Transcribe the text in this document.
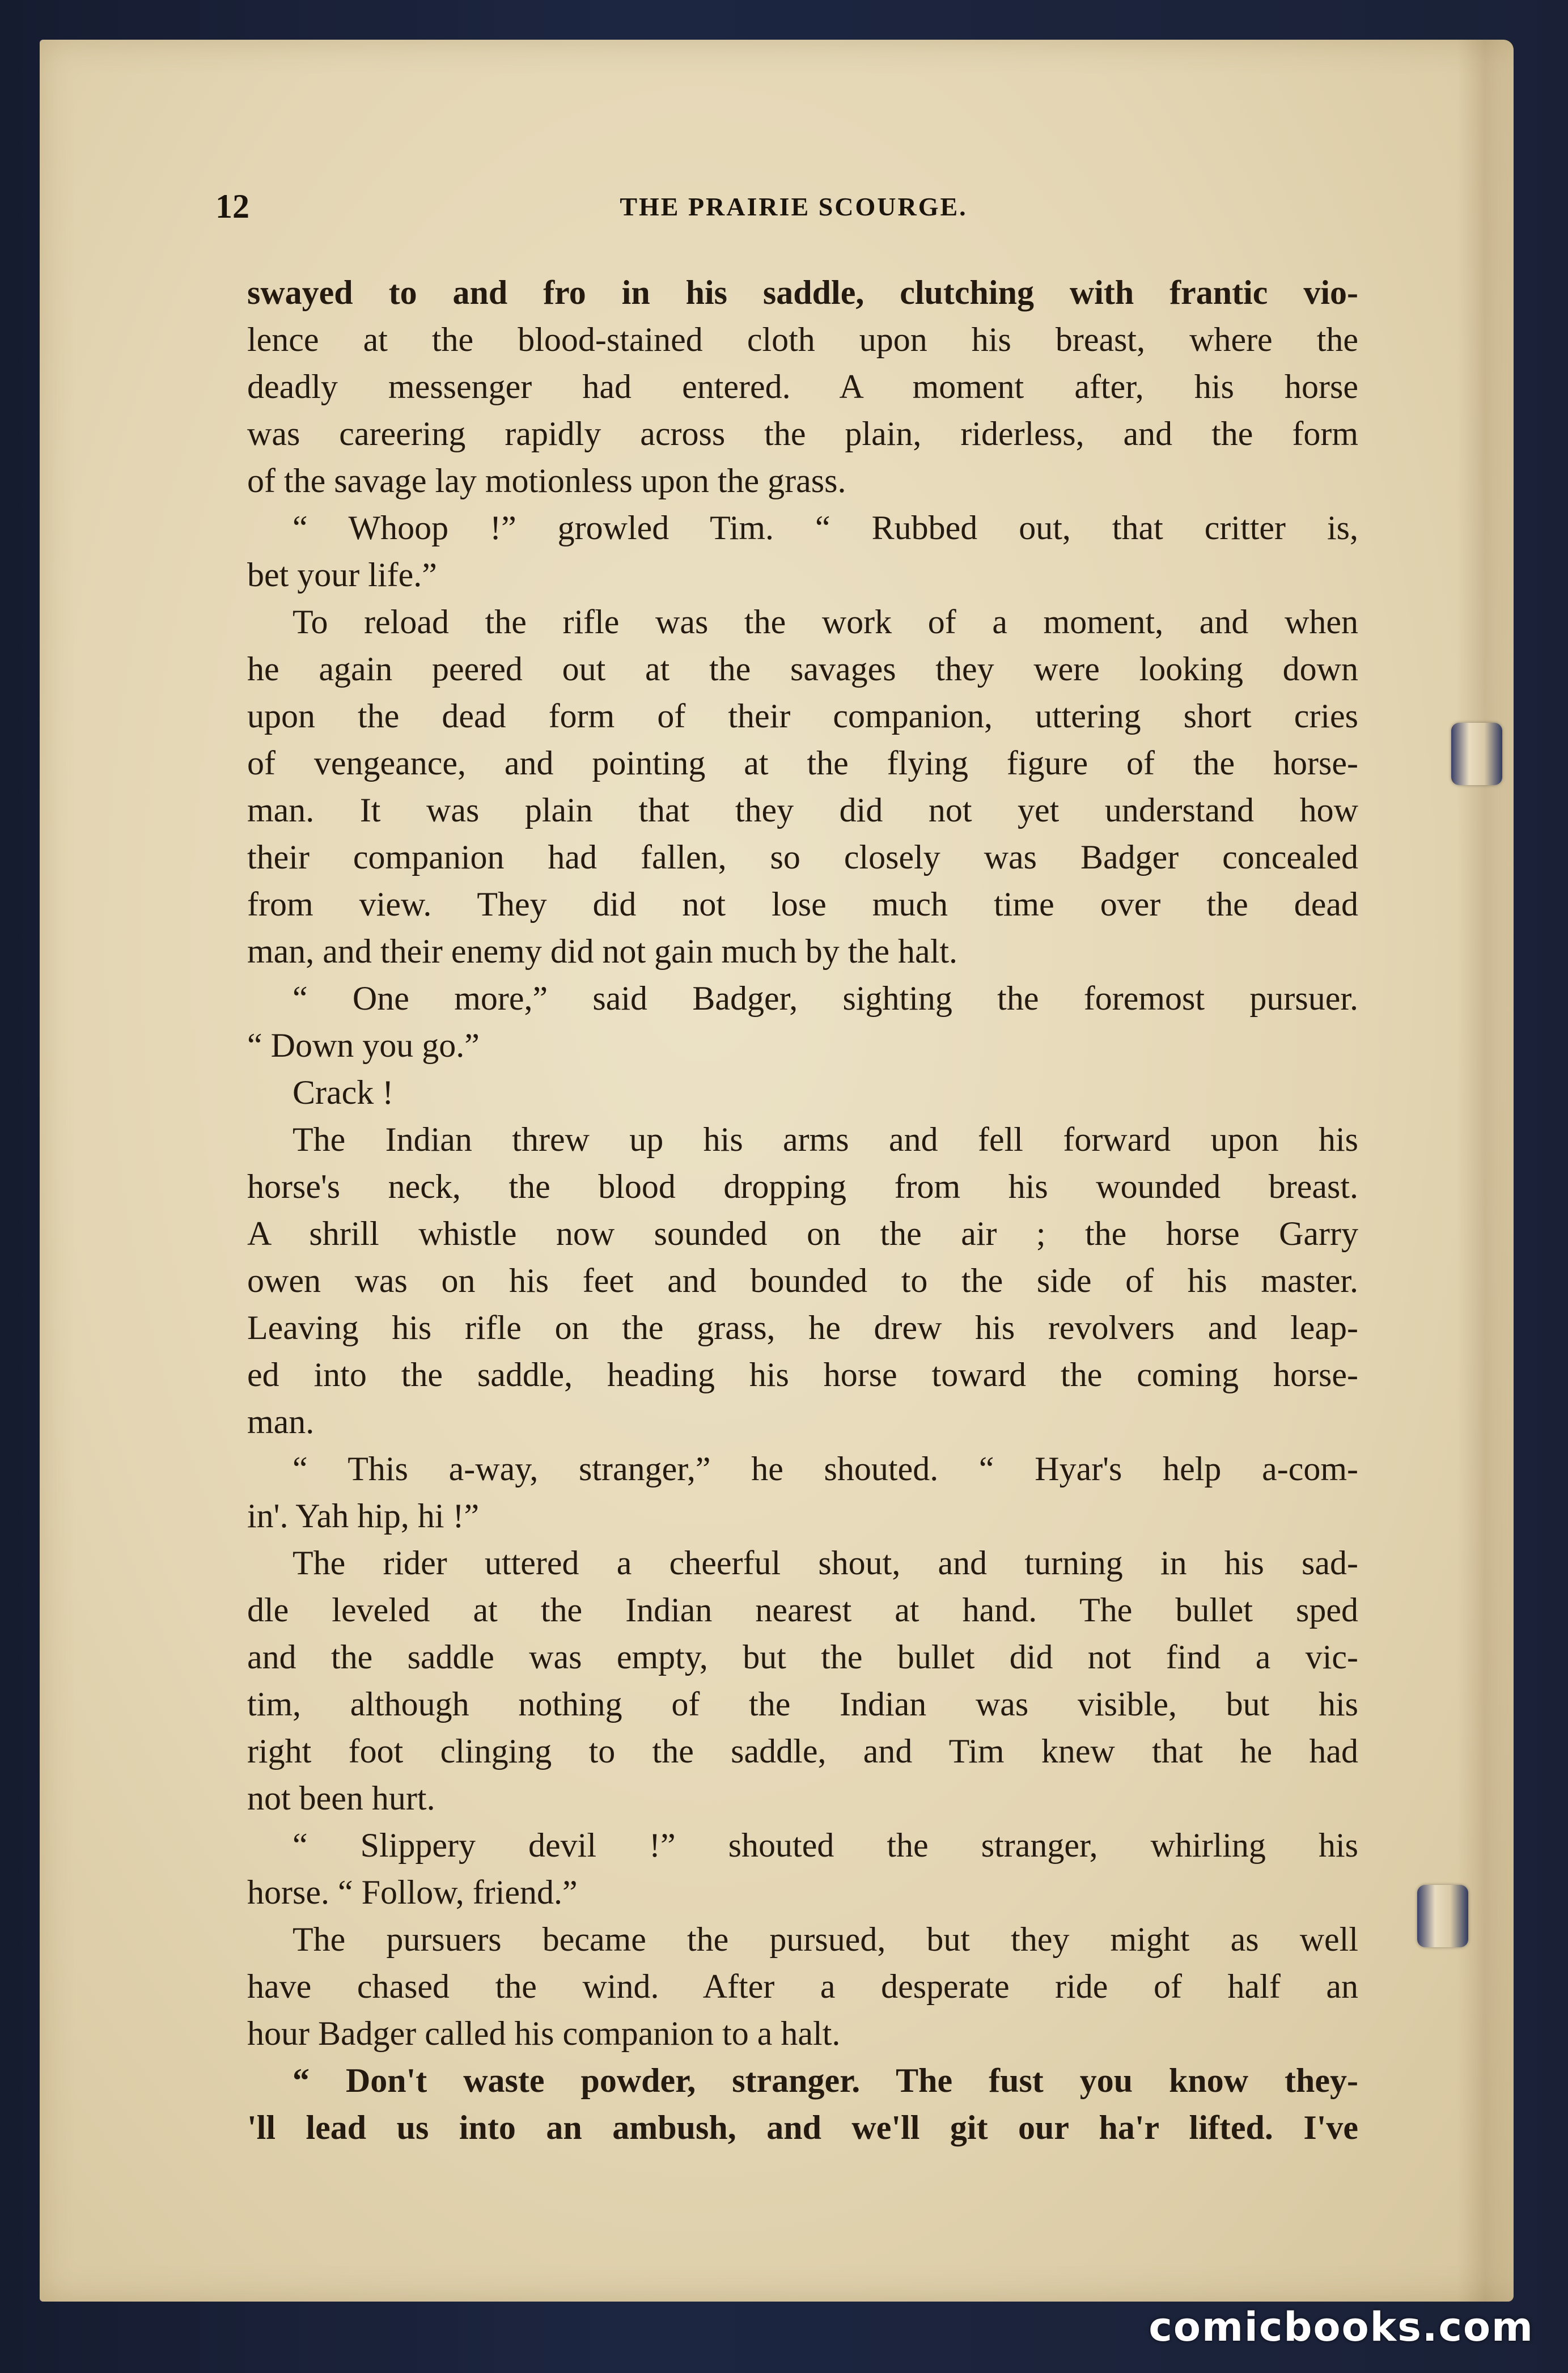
12	THE PRAIRIE SCOURGE.
swayed to and fro in his saddle, clutching with frantic vio-
lence at the blood-stained cloth upon his breast, where the
deadly messenger had entered. A moment after, his horse
was careering rapidly across the plain, riderless, and the form
of the savage lay motionless upon the grass.
“ Whoop !” growled Tim. “ Rubbed out, that critter is,
bet your life.”
To reload the rifle was the work of a moment, and when
he again peered out at the savages they were looking down
upon the dead form of their companion, uttering short cries
of vengeance, and pointing at the flying figure of the horse-
man. It was plain that they did not yet understand how
their companion had fallen, so closely was Badger concealed
from view. They did not lose much time over the dead
man, and their enemy did not gain much by the halt.
“ One more,” said Badger, sighting the foremost pursuer.
“ Down you go.”
Crack !
The Indian threw up his arms and fell forward upon his
horse's neck, the blood dropping from his wounded breast.
A shrill whistle now sounded on the air ; the horse Garry
owen was on his feet and bounded to the side of his master.
Leaving his rifle on the grass, he drew his revolvers and leap-
ed into the saddle, heading his horse toward the coming horse-
man.
“ This a-way, stranger,” he shouted. “ Hyar's help a-com-
in'. Yah hip, hi !”
The rider uttered a cheerful shout, and turning in his sad-
dle leveled at the Indian nearest at hand. The bullet sped
and the saddle was empty, but the bullet did not find a vic-
tim, although nothing of the Indian was visible, but his
right foot clinging to the saddle, and Tim knew that he had
not been hurt.
“ Slippery devil !” shouted the stranger, whirling his
horse. “ Follow, friend.”
The pursuers became the pursued, but they might as well
have chased the wind. After a desperate ride of half an
hour Badger called his companion to a halt.
“ Don't waste powder, stranger. The fust you know they-
'll lead us into an ambush, and we'll git our ha'r lifted. I've
comicbooks.com
